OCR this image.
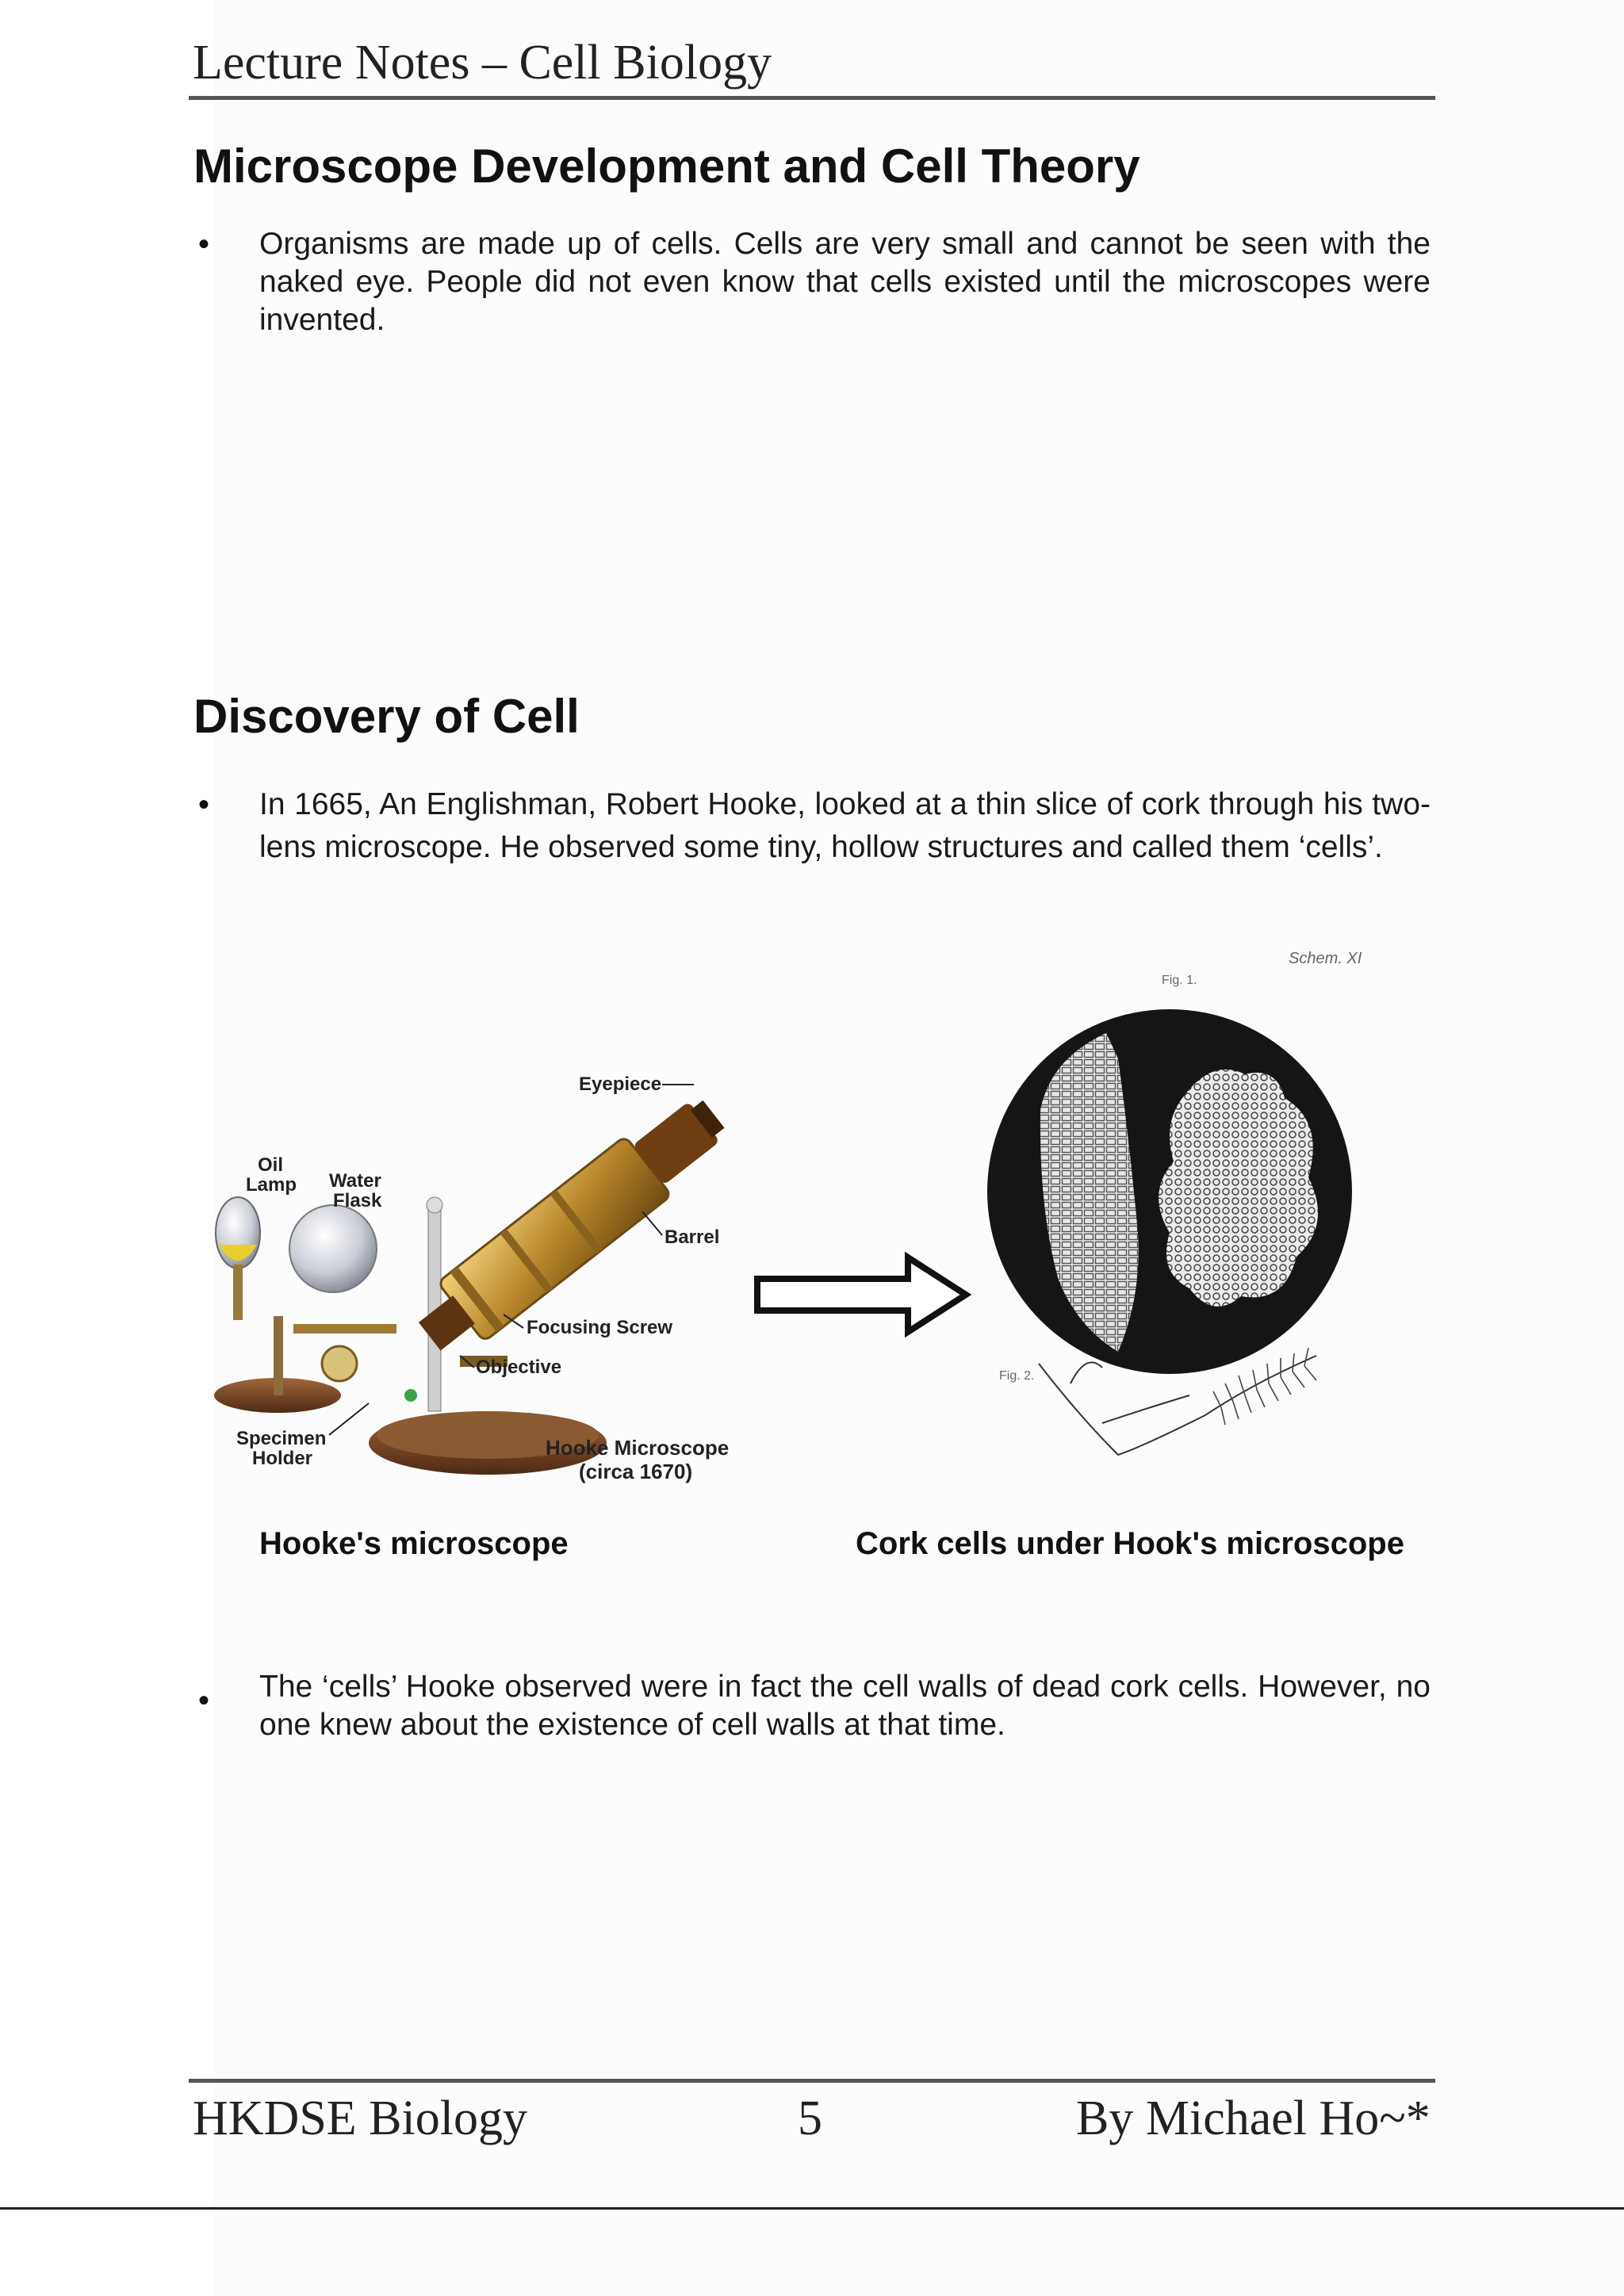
Lecture Notes – Cell Biology
Microscope Development and Cell Theory
• Organisms are made up of cells. Cells are very small and cannot be seen with the naked eye. People did not even know that cells existed until the microscopes were invented.
Discovery of Cell
• In 1665, An Englishman, Robert Hooke, looked at a thin slice of cork through his two-lens microscope. He observed some tiny, hollow structures and called them ‘cells’.
Eyepiece
Oil
Lamp Water
Flask
Barrel
Focusing Screw
Objective
Specimen
Holder	Hooke Microscope
(circa 1670)
Schem. XI
Fig. 1.
Fig. 2.
Hooke's microscope	Cork cells under Hook's microscope
• The ‘cells’ Hooke observed were in fact the cell walls of dead cork cells. However, no one knew about the existence of cell walls at that time.
HKDSE Biology	5	By Michael Ho~*
